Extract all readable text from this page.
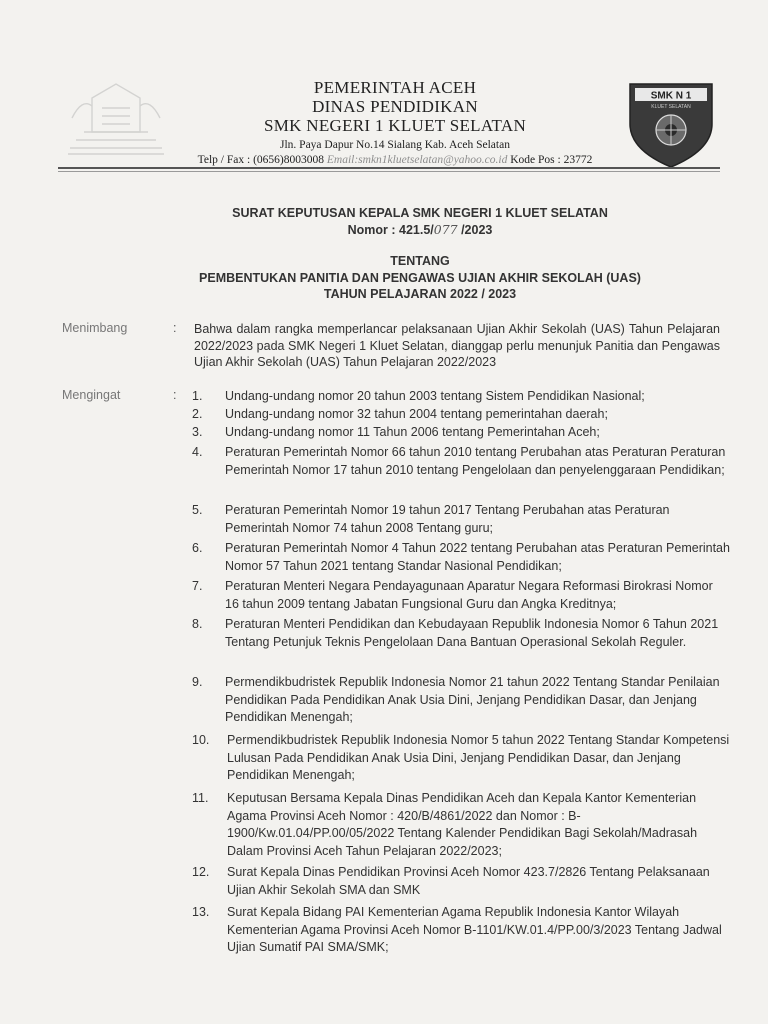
PEMERINTAH ACEH
DINAS PENDIDIKAN
SMK NEGERI 1 KLUET SELATAN
Jln. Paya Dapur No.14 Sialang Kab. Aceh Selatan
Telp / Fax : (0656)8003008 Email:smkn1kluetselatan@yahoo.co.id Kode Pos : 23772
SMK N 1
KLUET SELATAN
SURAT KEPUTUSAN KEPALA SMK NEGERI 1 KLUET SELATAN
Nomor : 421.5/077 /2023
TENTANG
PEMBENTUKAN PANITIA DAN PENGAWAS UJIAN AKHIR SEKOLAH (UAS)
TAHUN PELAJARAN 2022 / 2023
Menimbang	: Bahwa dalam rangka memperlancar pelaksanaan Ujian Akhir Sekolah (UAS) Tahun Pelajaran 2022/2023 pada SMK Negeri 1 Kluet Selatan, dianggap perlu menunjuk Panitia dan Pengawas Ujian Akhir Sekolah (UAS) Tahun Pelajaran 2022/2023
Mengingat	: 1.	Undang-undang nomor 20 tahun 2003 tentang Sistem Pendidikan Nasional;
2.	Undang-undang nomor 32 tahun 2004 tentang pemerintahan daerah;
3.	Undang-undang nomor 11 Tahun 2006 tentang Pemerintahan Aceh;
4.	Peraturan Pemerintah Nomor 66 tahun 2010 tentang Perubahan atas Peraturan Peraturan Pemerintah Nomor 17 tahun 2010 tentang Pengelolaan dan penyelenggaraan Pendidikan;
5.	Peraturan Pemerintah Nomor 19 tahun 2017 Tentang Perubahan atas Peraturan Pemerintah Nomor 74 tahun 2008 Tentang guru;
6.	Peraturan Pemerintah Nomor 4 Tahun 2022 tentang Perubahan atas Peraturan Pemerintah Nomor 57 Tahun 2021 tentang Standar Nasional Pendidikan;
7.	Peraturan Menteri Negara Pendayagunaan Aparatur Negara Reformasi Birokrasi Nomor 16 tahun 2009 tentang Jabatan Fungsional Guru dan Angka Kreditnya;
8.	Peraturan Menteri Pendidikan dan Kebudayaan Republik Indonesia Nomor 6 Tahun 2021 Tentang Petunjuk Teknis Pengelolaan Dana Bantuan Operasional Sekolah Reguler.
9.	Permendikbudristek Republik Indonesia Nomor 21 tahun 2022 Tentang Standar Penilaian Pendidikan Pada Pendidikan Anak Usia Dini, Jenjang Pendidikan Dasar, dan Jenjang Pendidikan Menengah;
10.	Permendikbudristek Republik Indonesia Nomor 5 tahun 2022 Tentang Standar Kompetensi Lulusan Pada Pendidikan Anak Usia Dini, Jenjang Pendidikan Dasar, dan Jenjang Pendidikan Menengah;
11.	Keputusan Bersama Kepala Dinas Pendidikan Aceh dan Kepala Kantor Kementerian Agama Provinsi Aceh Nomor : 420/B/4861/2022 dan Nomor : B-1900/Kw.01.04/PP.00/05/2022 Tentang Kalender Pendidikan Bagi Sekolah/Madrasah Dalam Provinsi Aceh Tahun Pelajaran 2022/2023;
12.	Surat Kepala Dinas Pendidikan Provinsi Aceh Nomor 423.7/2826 Tentang Pelaksanaan Ujian Akhir Sekolah SMA dan SMK
13.	Surat Kepala Bidang PAI Kementerian Agama Republik Indonesia Kantor Wilayah Kementerian Agama Provinsi Aceh Nomor B-1101/KW.01.4/PP.00/3/2023 Tentang Jadwal Ujian Sumatif PAI SMA/SMK;
